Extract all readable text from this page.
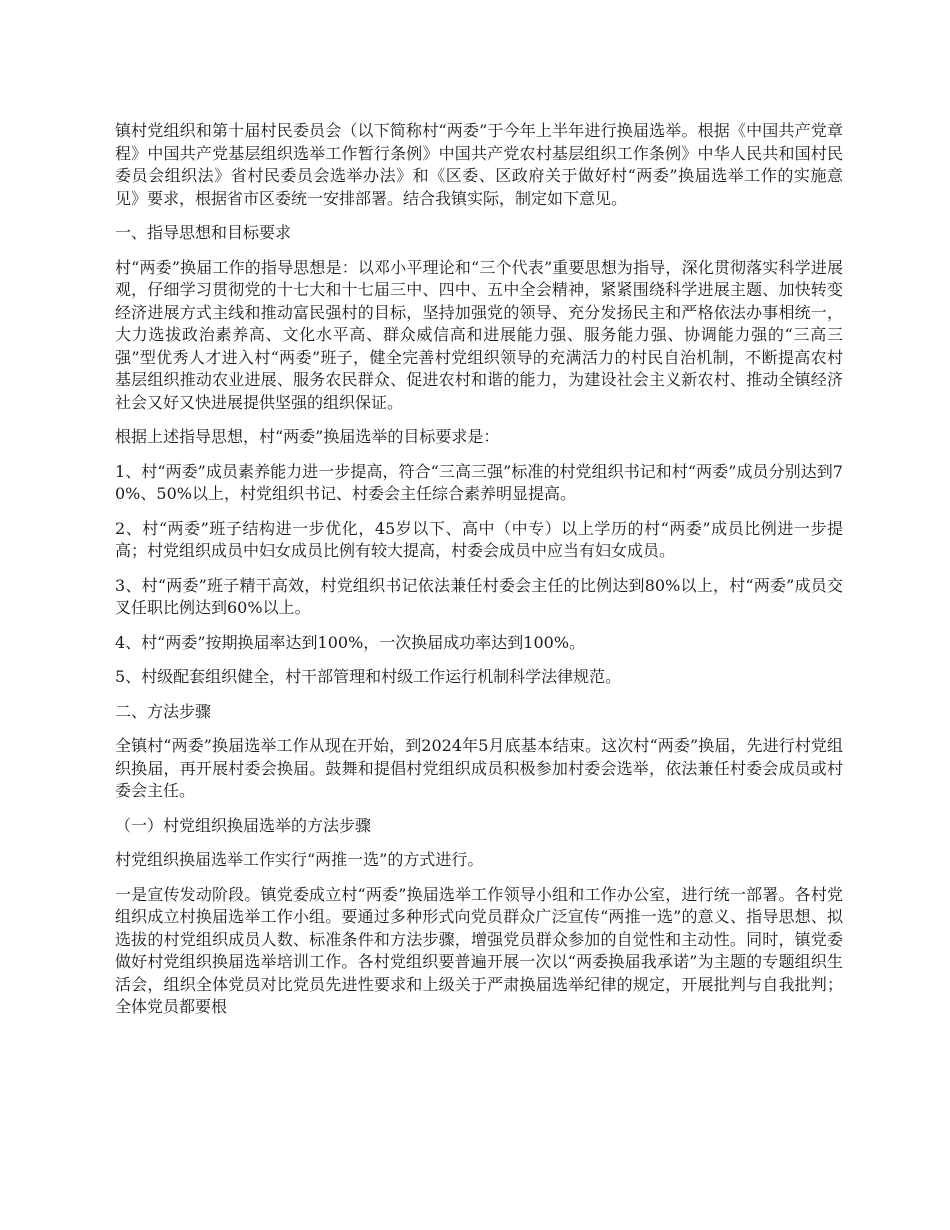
镇村党组织和第十届村民委员会（以下简称村“两委”于今年上半年进行换届选举。根据《中国共产党章程》中国共产党基层组织选举工作暂行条例》中国共产党农村基层组织工作条例》中华人民共和国村民委员会组织法》省村民委员会选举办法》和《区委、区政府关于做好村“两委”换届选举工作的实施意见》要求，根据省市区委统一安排部署。结合我镇实际，制定如下意见。

一、指导思想和目标要求

村“两委”换届工作的指导思想是：以邓小平理论和“三个代表”重要思想为指导，深化贯彻落实科学进展观，仔细学习贯彻党的十七大和十七届三中、四中、五中全会精神，紧紧围绕科学进展主题、加快转变经济进展方式主线和推动富民强村的目标，坚持加强党的领导、充分发扬民主和严格依法办事相统一，大力选拔政治素养高、文化水平高、群众威信高和进展能力强、服务能力强、协调能力强的“三高三强”型优秀人才进入村“两委”班子，健全完善村党组织领导的充满活力的村民自治机制，不断提高农村基层组织推动农业进展、服务农民群众、促进农村和谐的能力，为建设社会主义新农村、推动全镇经济社会又好又快进展提供坚强的组织保证。

根据上述指导思想，村“两委”换届选举的目标要求是：

1、村“两委”成员素养能力进一步提高，符合“三高三强”标准的村党组织书记和村“两委”成员分别达到70%、50%以上，村党组织书记、村委会主任综合素养明显提高。

2、村“两委”班子结构进一步优化，45岁以下、高中（中专）以上学历的村“两委”成员比例进一步提高；村党组织成员中妇女成员比例有较大提高，村委会成员中应当有妇女成员。

3、村“两委”班子精干高效，村党组织书记依法兼任村委会主任的比例达到80%以上，村“两委”成员交叉任职比例达到60%以上。

4、村“两委”按期换届率达到100%，一次换届成功率达到100%。

5、村级配套组织健全，村干部管理和村级工作运行机制科学法律规范。

二、方法步骤

全镇村“两委”换届选举工作从现在开始，到2024年5月底基本结束。这次村“两委”换届，先进行村党组织换届，再开展村委会换届。鼓舞和提倡村党组织成员积极参加村委会选举，依法兼任村委会成员或村委会主任。

（一）村党组织换届选举的方法步骤

村党组织换届选举工作实行“两推一选”的方式进行。

一是宣传发动阶段。镇党委成立村“两委”换届选举工作领导小组和工作办公室，进行统一部署。各村党组织成立村换届选举工作小组。要通过多种形式向党员群众广泛宣传“两推一选”的意义、指导思想、拟选拔的村党组织成员人数、标准条件和方法步骤，增强党员群众参加的自觉性和主动性。同时，镇党委做好村党组织换届选举培训工作。各村党组织要普遍开展一次以“两委换届我承诺”为主题的专题组织生活会，组织全体党员对比党员先进性要求和上级关于严肃换届选举纪律的规定，开展批判与自我批判；全体党员都要根
